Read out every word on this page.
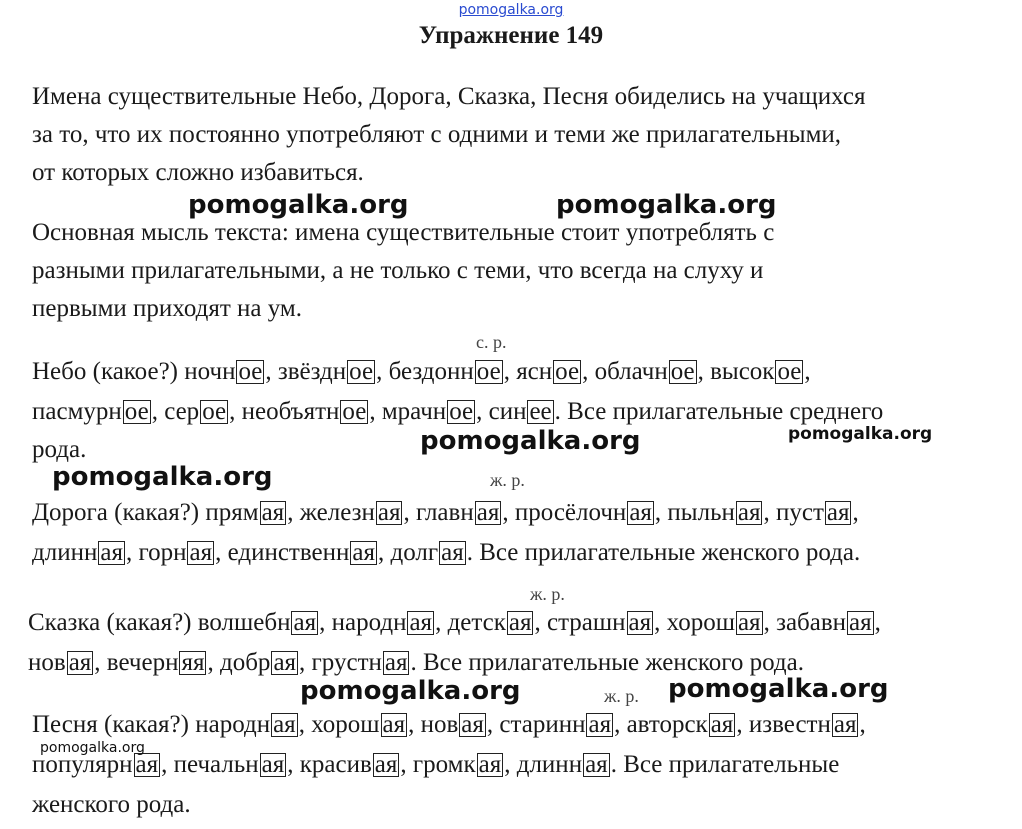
pomogalka.org
Упражнение 149
Имена существительные Небо, Дорога, Сказка, Песня обиделись на учащихся
за то, что их постоянно употребляют с одними и теми же прилагательными,
от которых сложно избавиться.
Основная мысль текста: имена существительные стоит употреблять с
разными прилагательными, а не только с теми, что всегда на слуху и
первыми приходят на ум.
с. р.
Небо (какое?) ночн ое , звёздн ое , бездонн ое , ясн ое , облачн ое , высок ое ,
пасмурн ое , сер ое , необъятн ое , мрачн ое , син ее . Все прилагательные среднего
рода.
ж. р.
Дорога (какая?) прям ая , железн ая , главн ая , просёлочн ая , пыльн ая , пуст ая ,
длинн ая , горн ая , единственн ая , долг ая . Все прилагательные женского рода.
ж. р.
Сказка (какая?) волшебн ая , народн ая , детск ая , страшн ая , хорош ая , забавн ая ,
нов ая , вечерн яя , добр ая , грустн ая . Все прилагательные женского рода.
ж. р.
Песня (какая?) народн ая , хорош ая , нов ая , старинн ая , авторск ая , известн ая ,
популярн ая , печальн ая , красив ая , громк ая , длинн ая . Все прилагательные
женского рода.
pomogalka.org	pomogalka.org
pomogalka.org	pomogalka.org
pomogalka.org
pomogalka.org	pomogalka.org
pomogalka.org
